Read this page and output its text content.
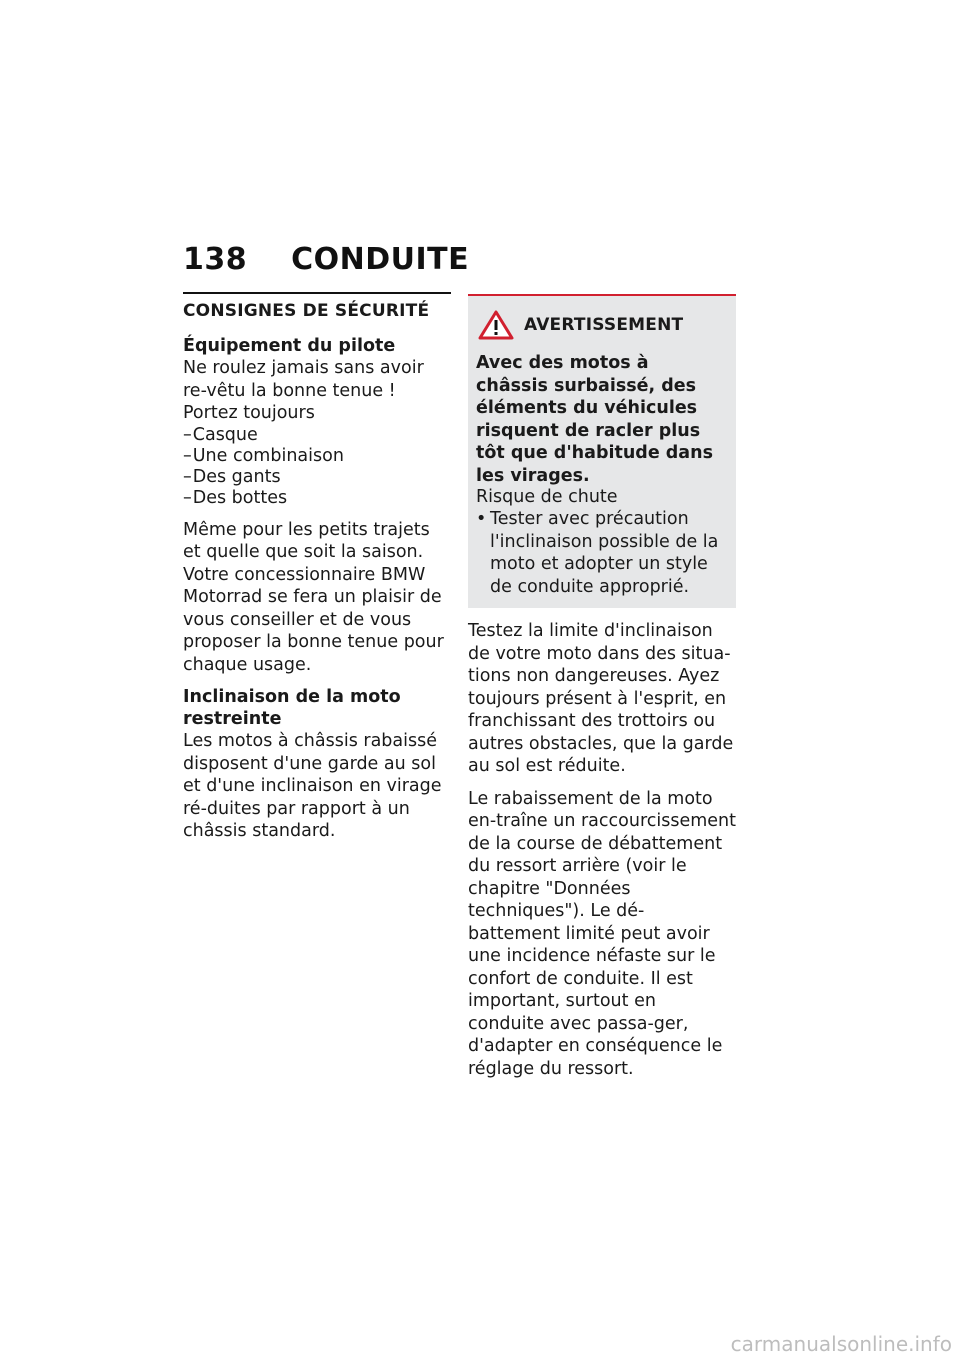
138 CONDUITE
CONSIGNES DE SÉCURITÉ

Équipement du pilote

Ne roulez jamais sans avoir re-vêtu la bonne tenue ! Portez toujours

– Casque
– Une combinaison
– Des gants
– Des bottes

Même pour les petits trajets et quelle que soit la saison. Votre concessionnaire BMW Motorrad se fera un plaisir de vous conseiller et de vous proposer la bonne tenue pour chaque usage.

Inclinaison de la moto restreinte

Les motos à châssis rabaissé disposent d'une garde au sol et d'une inclinaison en virage ré-duites par rapport à un châssis standard.

AVERTISSEMENT

Avec des motos à châssis surbaissé, des éléments du véhicules risquent de racler plus tôt que d'habitude dans les virages.

Risque de chute

• Tester avec précaution l'inclinaison possible de la moto et adopter un style de conduite approprié.

Testez la limite d'inclinaison de votre moto dans des situa-tions non dangereuses. Ayez toujours présent à l'esprit, en franchissant des trottoirs ou autres obstacles, que la garde au sol est réduite.

Le rabaissement de la moto en-traîne un raccourcissement de la course de débattement du ressort arrière (voir le chapitre "Données techniques"). Le dé-battement limité peut avoir une incidence néfaste sur le confort de conduite. Il est important, surtout en conduite avec passa-ger, d'adapter en conséquence le réglage du ressort.

carmanualsonline.info
